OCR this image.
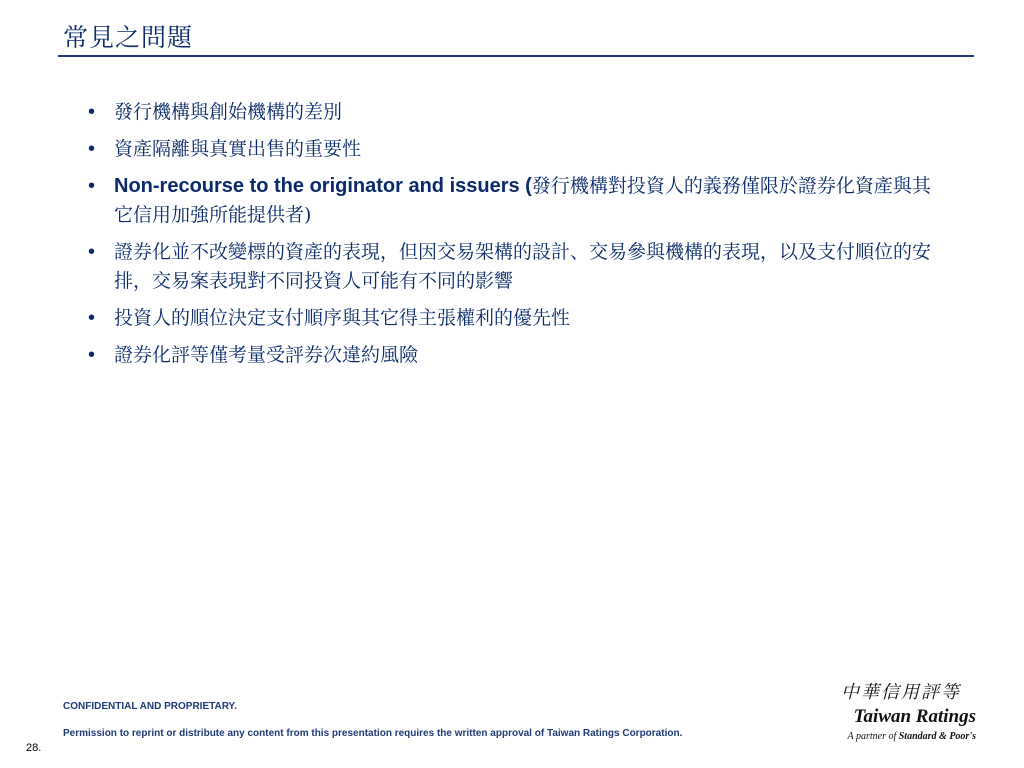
常見之問題
• 發行機構與創始機構的差別
• 資產隔離與真實出售的重要性
• Non-recourse to the originator and issuers (發行機構對投資人的義務僅限於證券化資產與其它信用加強所能提供者)
• 證券化並不改變標的資產的表現，但因交易架構的設計、交易參與機構的表現，以及支付順位的安排，交易案表現對不同投資人可能有不同的影響
• 投資人的順位決定支付順序與其它得主張權利的優先性
• 證券化評等僅考量受評券次違約風險
CONFIDENTIAL AND PROPRIETARY.
Permission to reprint or distribute any content from this presentation requires the written approval of Taiwan Ratings Corporation.
28.
中華信用評等
Taiwan Ratings
A partner of Standard & Poor's
